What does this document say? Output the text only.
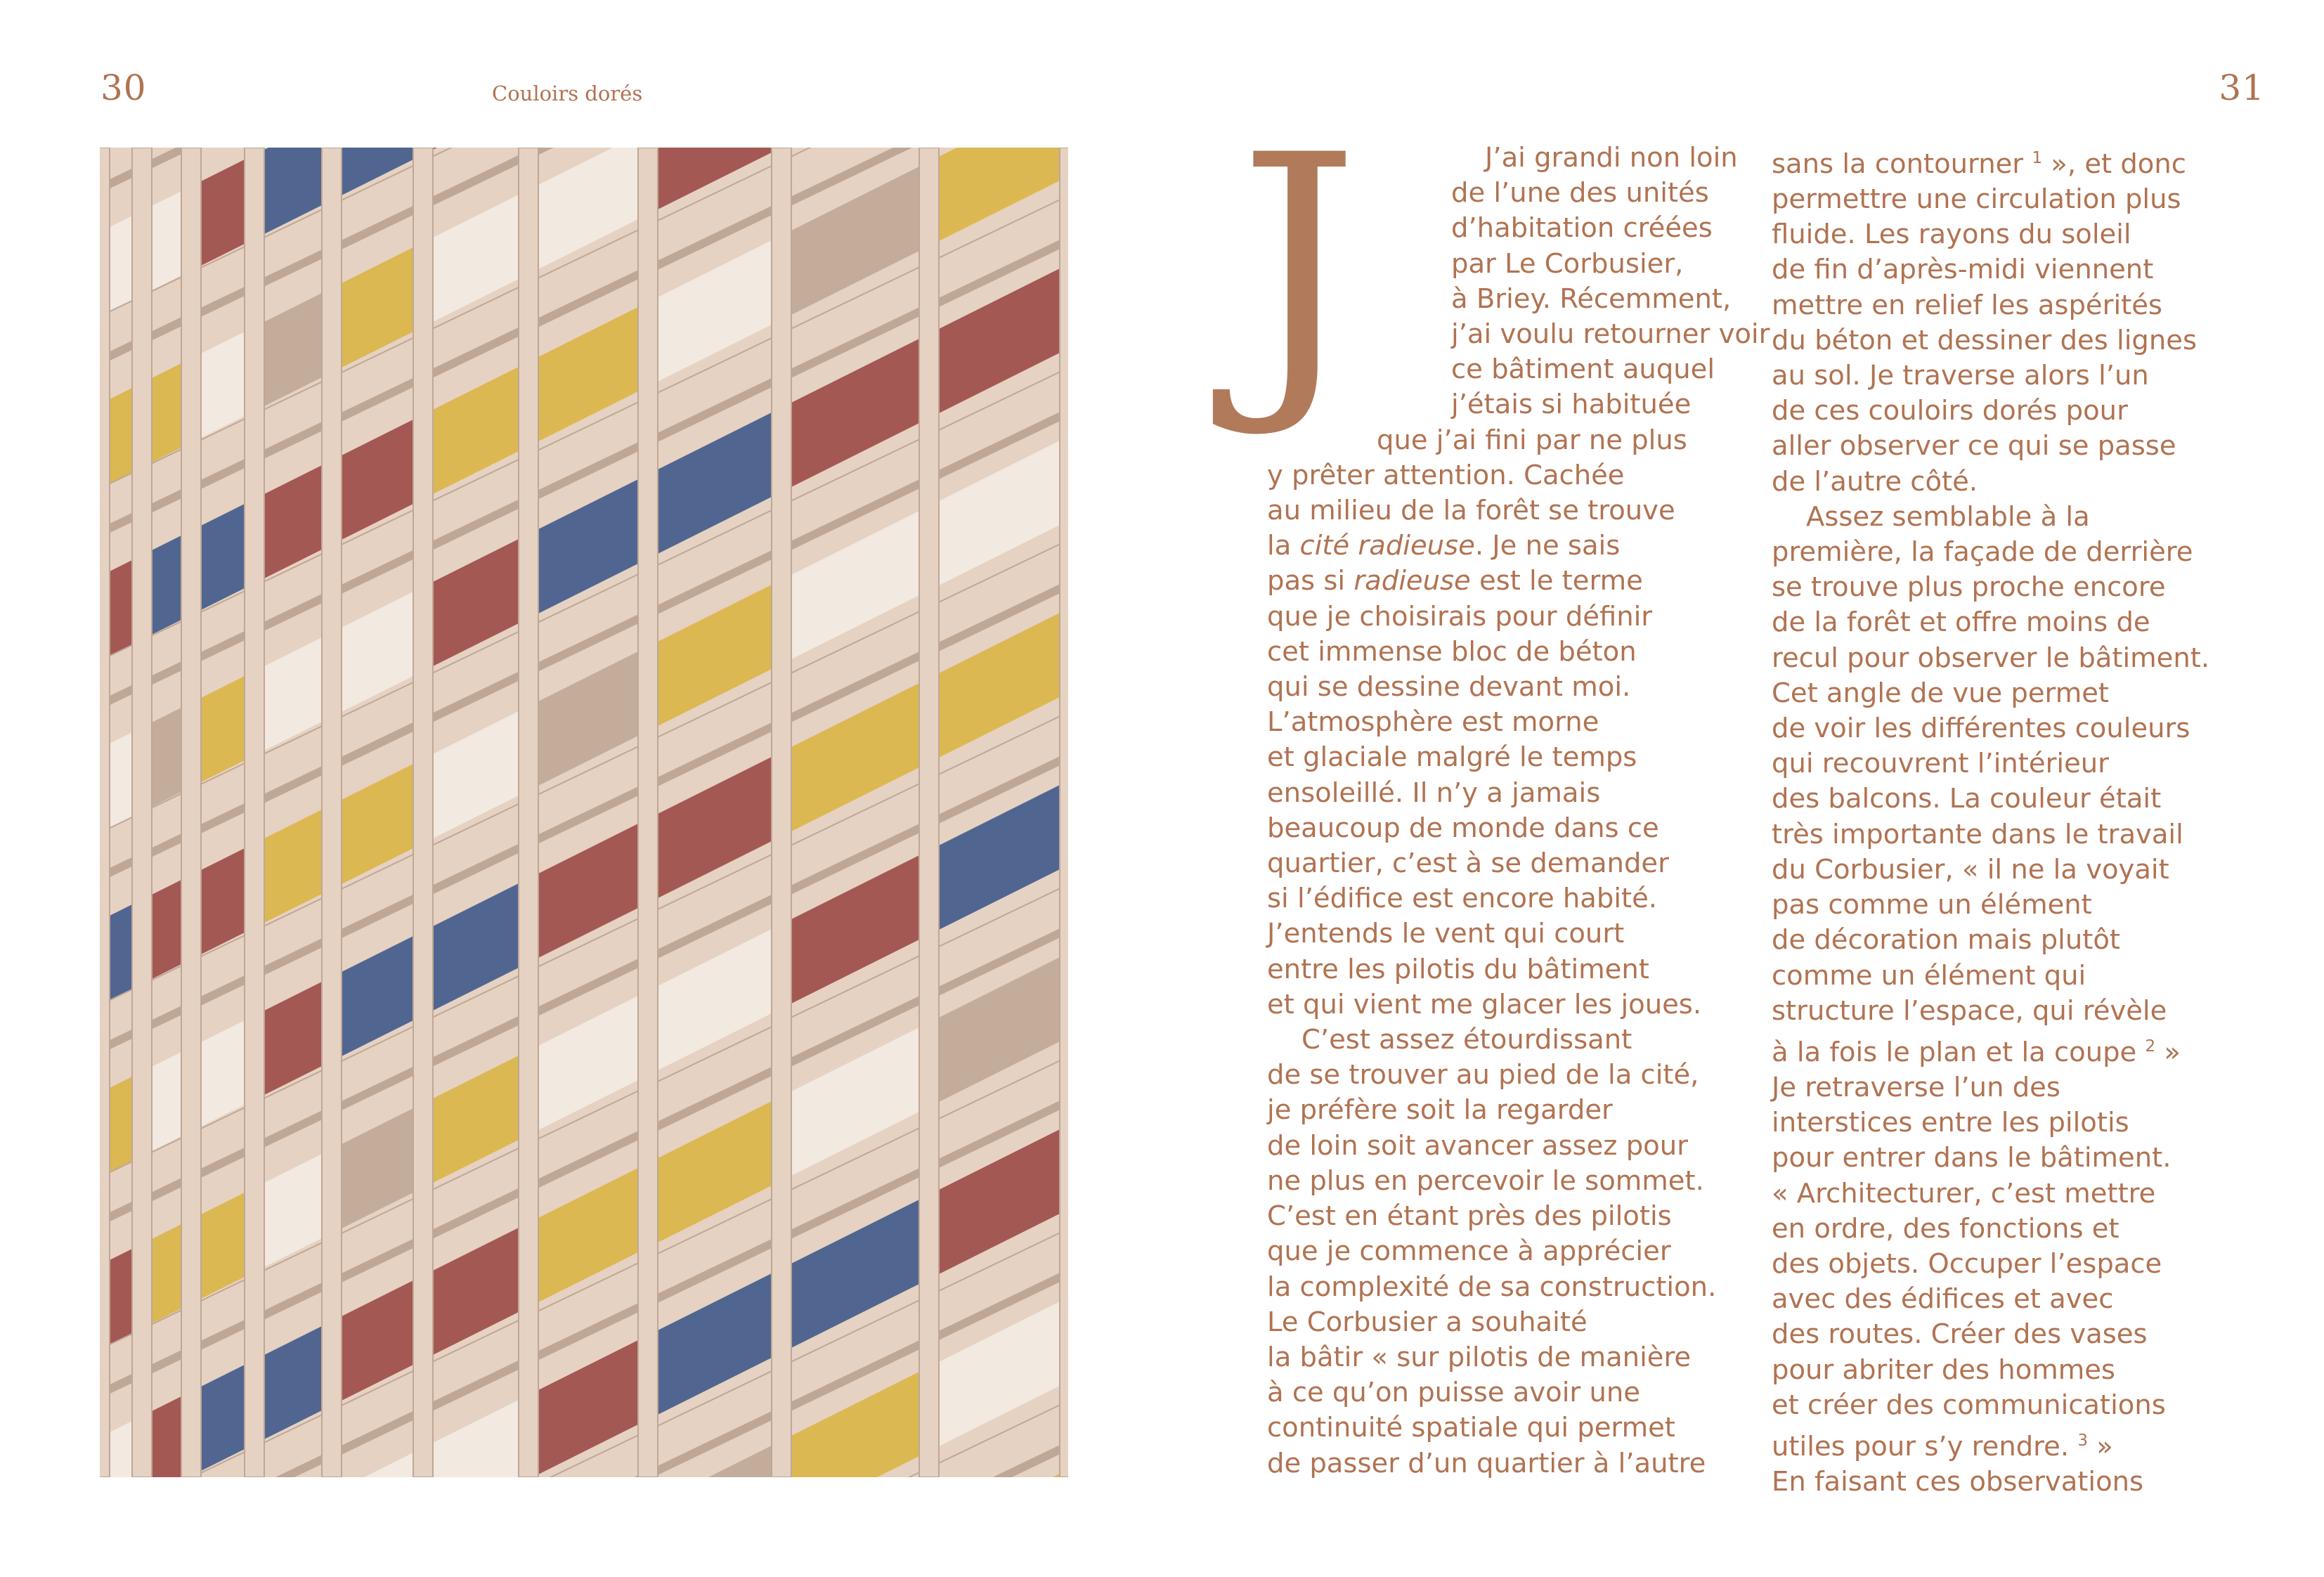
30	Couloirs dorés	31
J	J’ai grandi non loin
de l’une des unités
d’habitation créées
par Le Corbusier,
à Briey. Récemment,
j’ai voulu retourner voir
ce bâtiment auquel
j’étais si habituée
que j’ai fini par ne plus
y prêter attention. Cachée
au milieu de la forêt se trouve
la cité radieuse. Je ne sais
pas si radieuse est le terme
que je choisirais pour définir
cet immense bloc de béton
qui se dessine devant moi.
L’atmosphère est morne
et glaciale malgré le temps
ensoleillé. Il n’y a jamais
beaucoup de monde dans ce
quartier, c’est à se demander
si l’édifice est encore habité.
J’entends le vent qui court
entre les pilotis du bâtiment
et qui vient me glacer les joues.
C’est assez étourdissant
de se trouver au pied de la cité,
je préfère soit la regarder
de loin soit avancer assez pour
ne plus en percevoir le sommet.
C’est en étant près des pilotis
que je commence à apprécier
la complexité de sa construction.
Le Corbusier a souhaité
la bâtir « sur pilotis de manière
à ce qu’on puisse avoir une
continuité spatiale qui permet
de passer d’un quartier à l’autre
sans la contourner $^1$ », et donc
permettre une circulation plus
fluide. Les rayons du soleil
de fin d’après-midi viennent
mettre en relief les aspérités
du béton et dessiner des lignes
au sol. Je traverse alors l’un
de ces couloirs dorés pour
aller observer ce qui se passe
de l’autre côté.
Assez semblable à la
première, la façade de derrière
se trouve plus proche encore
de la forêt et offre moins de
recul pour observer le bâtiment.
Cet angle de vue permet
de voir les différentes couleurs
qui recouvrent l’intérieur
des balcons. La couleur était
très importante dans le travail
du Corbusier, « il ne la voyait
pas comme un élément
de décoration mais plutôt
comme un élément qui
structure l’espace, qui révèle
à la fois le plan et la coupe $^2$ »
Je retraverse l’un des
interstices entre les pilotis
pour entrer dans le bâtiment.
« Architecturer, c’est mettre
en ordre, des fonctions et
des objets. Occuper l’espace
avec des édifices et avec
des routes. Créer des vases
pour abriter des hommes
et créer des communications
utiles pour s’y rendre. $^3$ »
En faisant ces observations
